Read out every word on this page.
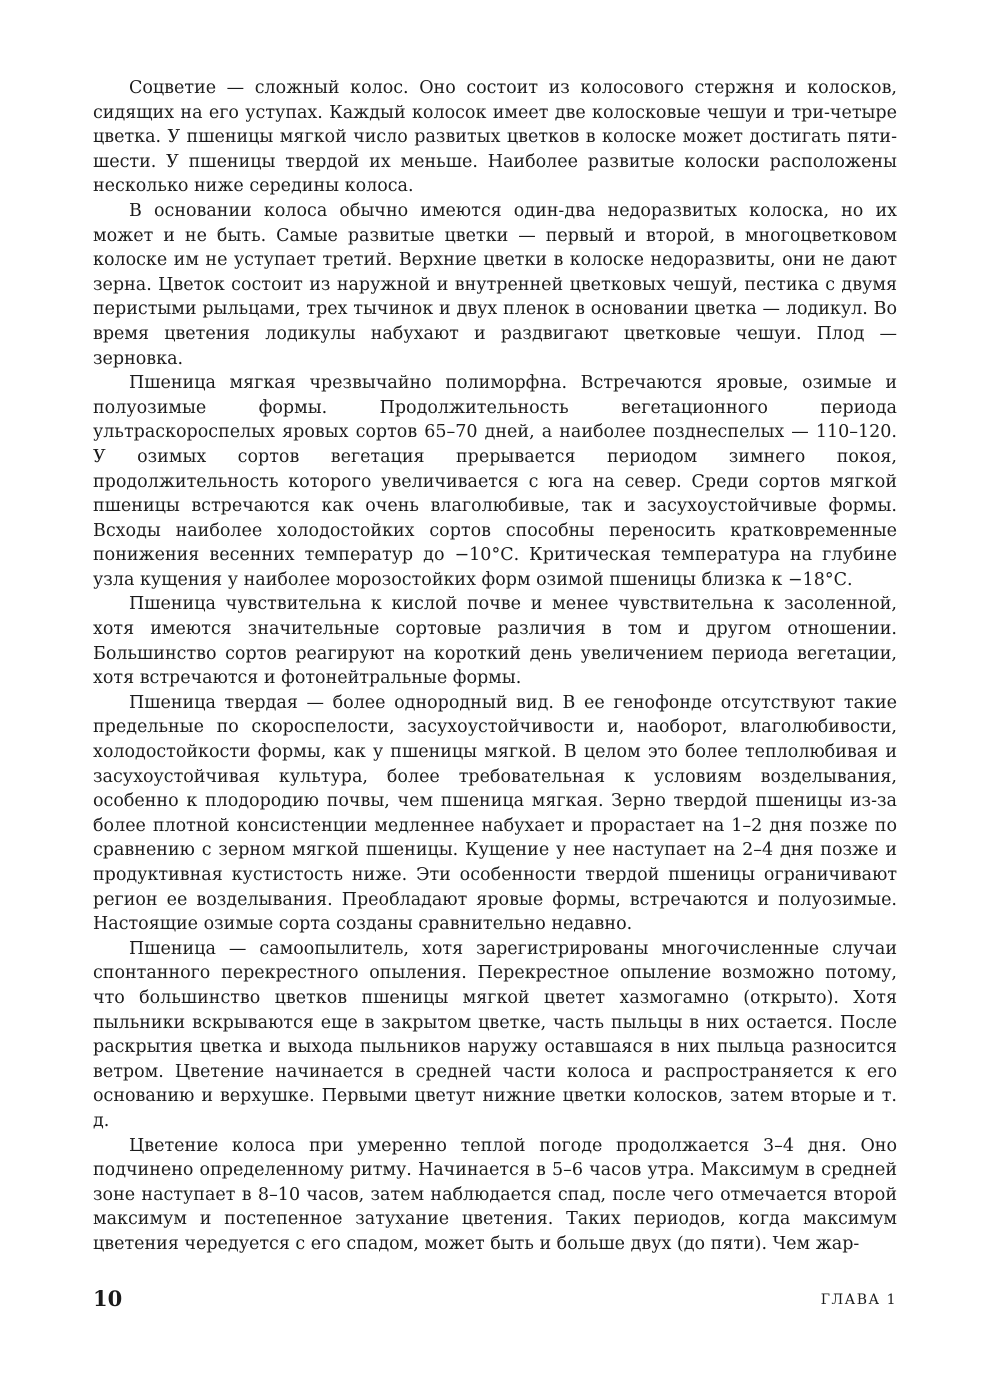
Соцветие — сложный колос. Оно состоит из колосового стержня и колосков, сидящих на его уступах. Каждый колосок имеет две колосковые чешуи и три-четыре цветка. У пшеницы мягкой число развитых цветков в колоске может достигать пяти-шести. У пшеницы твердой их меньше. Наиболее развитые колоски расположены несколько ниже середины колоса.

В основании колоса обычно имеются один-два недоразвитых колоска, но их может и не быть. Самые развитые цветки — первый и второй, в многоцветковом колоске им не уступает третий. Верхние цветки в колоске недоразвиты, они не дают зерна. Цветок состоит из наружной и внутренней цветковых чешуй, пестика с двумя перистыми рыльцами, трех тычинок и двух пленок в основании цветка — лодикул. Во время цветения лодикулы набухают и раздвигают цветковые чешуи. Плод — зерновка.

Пшеница мягкая чрезвычайно полиморфна. Встречаются яровые, озимые и полуозимые формы. Продолжительность вегетационного периода ультраскороспелых яровых сортов 65–70 дней, а наиболее позднеспелых — 110–120. У озимых сортов вегетация прерывается периодом зимнего покоя, продолжительность которого увеличивается с юга на север. Среди сортов мягкой пшеницы встречаются как очень влаголюбивые, так и засухоустойчивые формы. Всходы наиболее холодостойких сортов способны переносить кратковременные понижения весенних температур до −10°С. Критическая температура на глубине узла кущения у наиболее морозостойких форм озимой пшеницы близка к −18°С.

Пшеница чувствительна к кислой почве и менее чувствительна к засоленной, хотя имеются значительные сортовые различия в том и другом отношении. Большинство сортов реагируют на короткий день увеличением периода вегетации, хотя встречаются и фотонейтральные формы.

Пшеница твердая — более однородный вид. В ее генофонде отсутствуют такие предельные по скороспелости, засухоустойчивости и, наоборот, влаголюбивости, холодостойкости формы, как у пшеницы мягкой. В целом это более теплолюбивая и засухоустойчивая культура, более требовательная к условиям возделывания, особенно к плодородию почвы, чем пшеница мягкая. Зерно твердой пшеницы из-за более плотной консистенции медленнее набухает и прорастает на 1–2 дня позже по сравнению с зерном мягкой пшеницы. Кущение у нее наступает на 2–4 дня позже и продуктивная кустистость ниже. Эти особенности твердой пшеницы ограничивают регион ее возделывания. Преобладают яровые формы, встречаются и полуозимые. Настоящие озимые сорта созданы сравнительно недавно.

Пшеница — самоопылитель, хотя зарегистрированы многочисленные случаи спонтанного перекрестного опыления. Перекрестное опыление возможно потому, что большинство цветков пшеницы мягкой цветет хазмогамно (открыто). Хотя пыльники вскрываются еще в закрытом цветке, часть пыльцы в них остается. После раскрытия цветка и выхода пыльников наружу оставшаяся в них пыльца разносится ветром. Цветение начинается в средней части колоса и распространяется к его основанию и верхушке. Первыми цветут нижние цветки колосков, затем вторые и т. д.

Цветение колоса при умеренно теплой погоде продолжается 3–4 дня. Оно подчинено определенному ритму. Начинается в 5–6 часов утра. Максимум в средней зоне наступает в 8–10 часов, затем наблюдается спад, после чего отмечается второй максимум и постепенное затухание цветения. Таких периодов, когда максимум цветения чередуется с его спадом, может быть и больше двух (до пяти). Чем жар-

10	ГЛАВА 1
